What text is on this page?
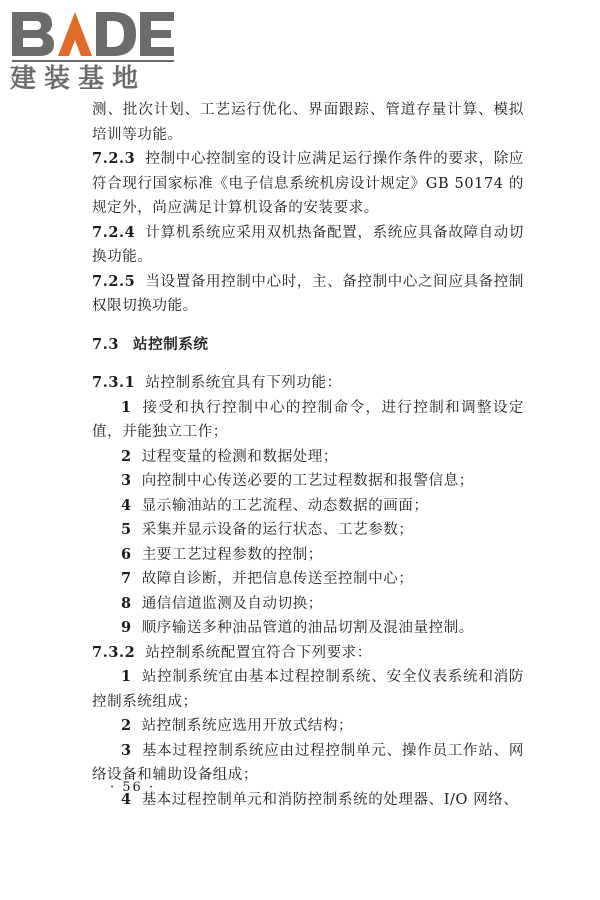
建装基地

测、批次计划、工艺运行优化、界面跟踪、管道存量计算、模拟培训等功能。

7.2.3 控制中心控制室的设计应满足运行操作条件的要求，除应符合现行国家标准《电子信息系统机房设计规定》GB 50174 的规定外，尚应满足计算机设备的安装要求。

7.2.4 计算机系统应采用双机热备配置，系统应具备故障自动切换功能。

7.2.5 当设置备用控制中心时，主、备控制中心之间应具备控制权限切换功能。

7.3 站控制系统

7.3.1 站控制系统宜具有下列功能：

1 接受和执行控制中心的控制命令，进行控制和调整设定值，并能独立工作；

2 过程变量的检测和数据处理；

3 向控制中心传送必要的工艺过程数据和报警信息；

4 显示输油站的工艺流程、动态数据的画面；

5 采集并显示设备的运行状态、工艺参数；

6 主要工艺过程参数的控制；

7 故障自诊断，并把信息传送至控制中心；

8 通信信道监测及自动切换；

9 顺序输送多种油品管道的油品切割及混油量控制。

7.3.2 站控制系统配置宜符合下列要求：

1 站控制系统宜由基本过程控制系统、安全仪表系统和消防控制系统组成；

2 站控制系统应选用开放式结构；

3 基本过程控制系统应由过程控制单元、操作员工作站、网络设备和辅助设备组成；

4 基本过程控制单元和消防控制系统的处理器、I/O 网络、

· 56 ·
